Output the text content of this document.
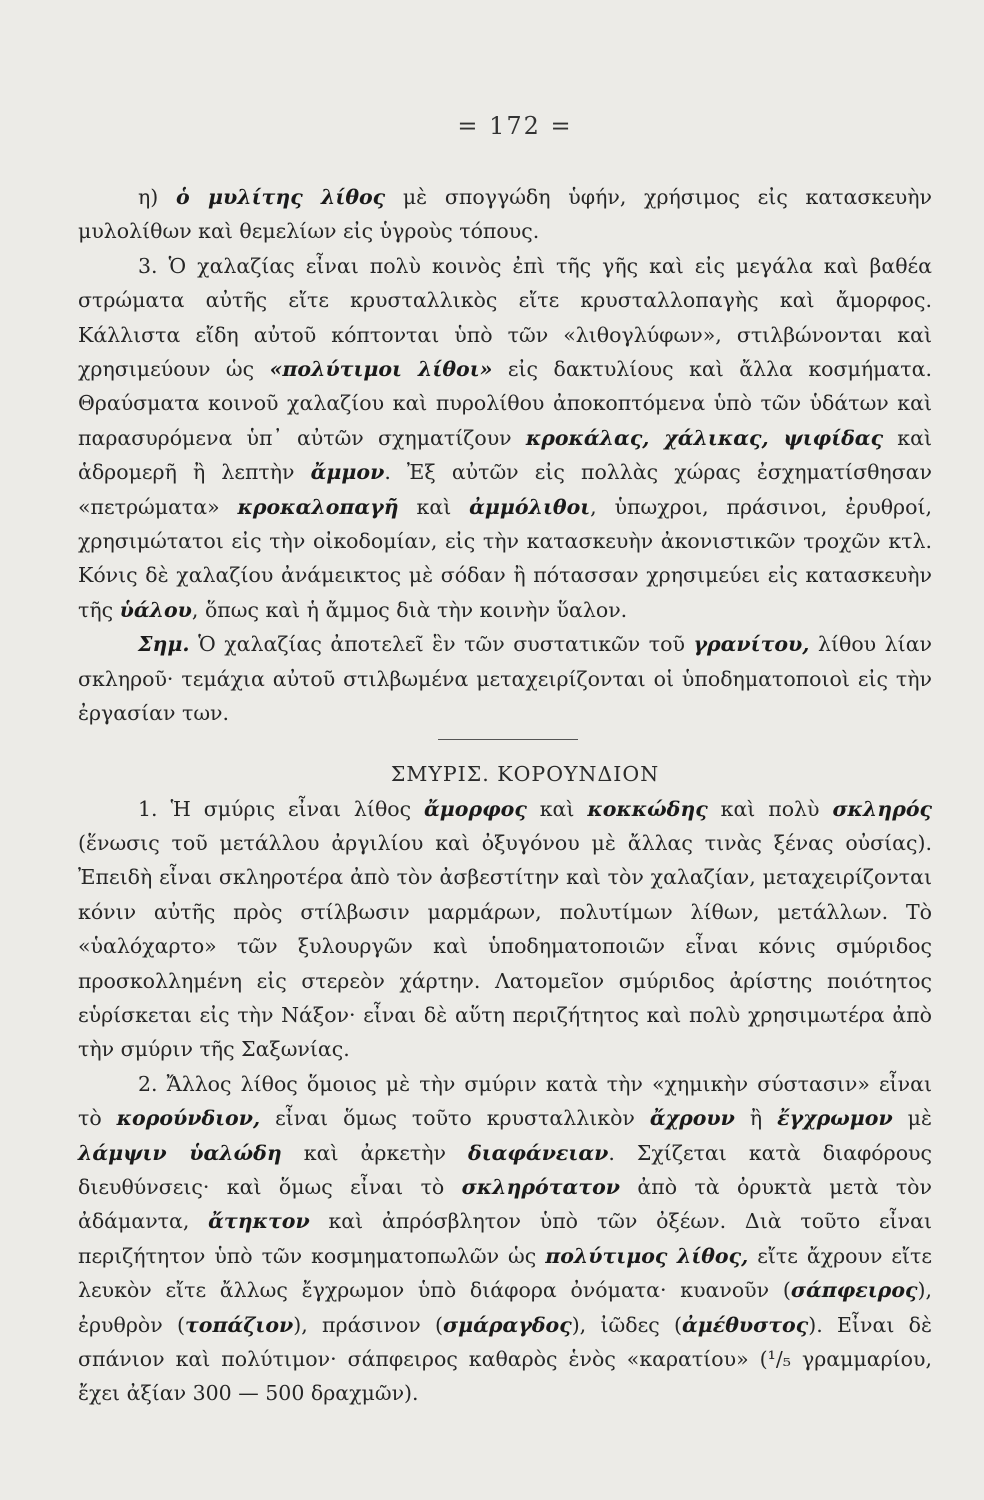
= 172 =

η) ὁ μυλίτης λίθος μὲ σπογγώδη ὑφήν, χρήσιμος εἰς κατασκευὴν μυλολίθων καὶ θεμελίων εἰς ὑγροὺς τόπους.

3. Ὁ χαλαζίας εἶναι πολὺ κοινὸς ἐπὶ τῆς γῆς καὶ εἰς μεγάλα καὶ βαθέα στρώματα αὐτῆς εἴτε κρυσταλλικὸς εἴτε κρυσταλλοπαγὴς καὶ ἄμορφος. Κάλλιστα εἴδη αὐτοῦ κόπτονται ὑπὸ τῶν «λιθογλύφων», στιλβώνονται καὶ χρησιμεύουν ὡς «πολύτιμοι λίθοι» εἰς δακτυλίους καὶ ἄλλα κοσμήματα. Θραύσματα κοινοῦ χαλαζίου καὶ πυρολίθου ἀποκοπτόμενα ὑπὸ τῶν ὑδάτων καὶ παρασυρόμενα ὑπ᾽ αὐτῶν σχηματίζουν κροκάλας, χάλικας, ψιφίδας καὶ ἁδρομερῆ ἢ λεπτὴν ἄμμον. Ἐξ αὐτῶν εἰς πολλὰς χώρας ἐσχηματίσθησαν «πετρώματα» κροκαλοπαγῆ καὶ ἀμμόλιθοι, ὑπωχροι, πράσινοι, ἐρυθροί, χρησιμώτατοι εἰς τὴν οἰκοδομίαν, εἰς τὴν κατασκευὴν ἀκονιστικῶν τροχῶν κτλ. Κόνις δὲ χαλαζίου ἀνάμεικτος μὲ σόδαν ἢ πότασσαν χρησιμεύει εἰς κατασκευὴν τῆς ὑάλου, ὅπως καὶ ἡ ἄμμος διὰ τὴν κοινὴν ὕαλον.

Σημ. Ὁ χαλαζίας ἀποτελεῖ ἓν τῶν συστατικῶν τοῦ γρανίτου, λίθου λίαν σκληροῦ· τεμάχια αὐτοῦ στιλβωμένα μεταχειρίζονται οἱ ὑποδηματοποιοὶ εἰς τὴν ἐργασίαν των.

ΣΜΥΡΙΣ. ΚΟΡΟΥΝΔΙΟΝ

1. Ἡ σμύρις εἶναι λίθος ἄμορφος καὶ κοκκώδης καὶ πολὺ σκληρός (ἕνωσις τοῦ μετάλλου ἀργιλίου καὶ ὀξυγόνου μὲ ἄλλας τινὰς ξένας οὐσίας). Ἐπειδὴ εἶναι σκληροτέρα ἀπὸ τὸν ἀσβεστίτην καὶ τὸν χαλαζίαν, μεταχειρίζονται κόνιν αὐτῆς πρὸς στίλβωσιν μαρμάρων, πολυτίμων λίθων, μετάλλων. Τὸ «ὑαλόχαρτο» τῶν ξυλουργῶν καὶ ὑποδηματοποιῶν εἶναι κόνις σμύριδος προσκολλημένη εἰς στερεὸν χάρτην. Λατομεῖον σμύριδος ἀρίστης ποιότητος εὑρίσκεται εἰς τὴν Νάξον· εἶναι δὲ αὕτη περιζήτητος καὶ πολὺ χρησιμωτέρα ἀπὸ τὴν σμύριν τῆς Σαξωνίας.

2. Ἄλλος λίθος ὅμοιος μὲ τὴν σμύριν κατὰ τὴν «χημικὴν σύστασιν» εἶναι τὸ κορούνδιον, εἶναι ὅμως τοῦτο κρυσταλλικὸν ἄχρουν ἢ ἔγχρωμον μὲ λάμψιν ὑαλώδη καὶ ἀρκετὴν διαφάνειαν. Σχίζεται κατὰ διαφόρους διευθύνσεις· καὶ ὅμως εἶναι τὸ σκληρότατον ἀπὸ τὰ ὀρυκτὰ μετὰ τὸν ἀδάμαντα, ἄτηκτον καὶ ἀπρόσβλητον ὑπὸ τῶν ὀξέων. Διὰ τοῦτο εἶναι περιζήτητον ὑπὸ τῶν κοσμηματοπωλῶν ὡς πολύτιμος λίθος, εἴτε ἄχρουν εἴτε λευκὸν εἴτε ἄλλως ἔγχρωμον ὑπὸ διάφορα ὀνόματα· κυανοῦν (σάπφειρος), ἐρυθρὸν (τοπάζιον), πράσινον (σμάραγδος), ἰῶδες (ἀμέθυστος). Εἶναι δὲ σπάνιον καὶ πολύτιμον· σάπφειρος καθαρὸς ἑνὸς «καρατίου» (¹/₅ γραμμαρίου, ἔχει ἀξίαν 300 — 500 δραχμῶν).
